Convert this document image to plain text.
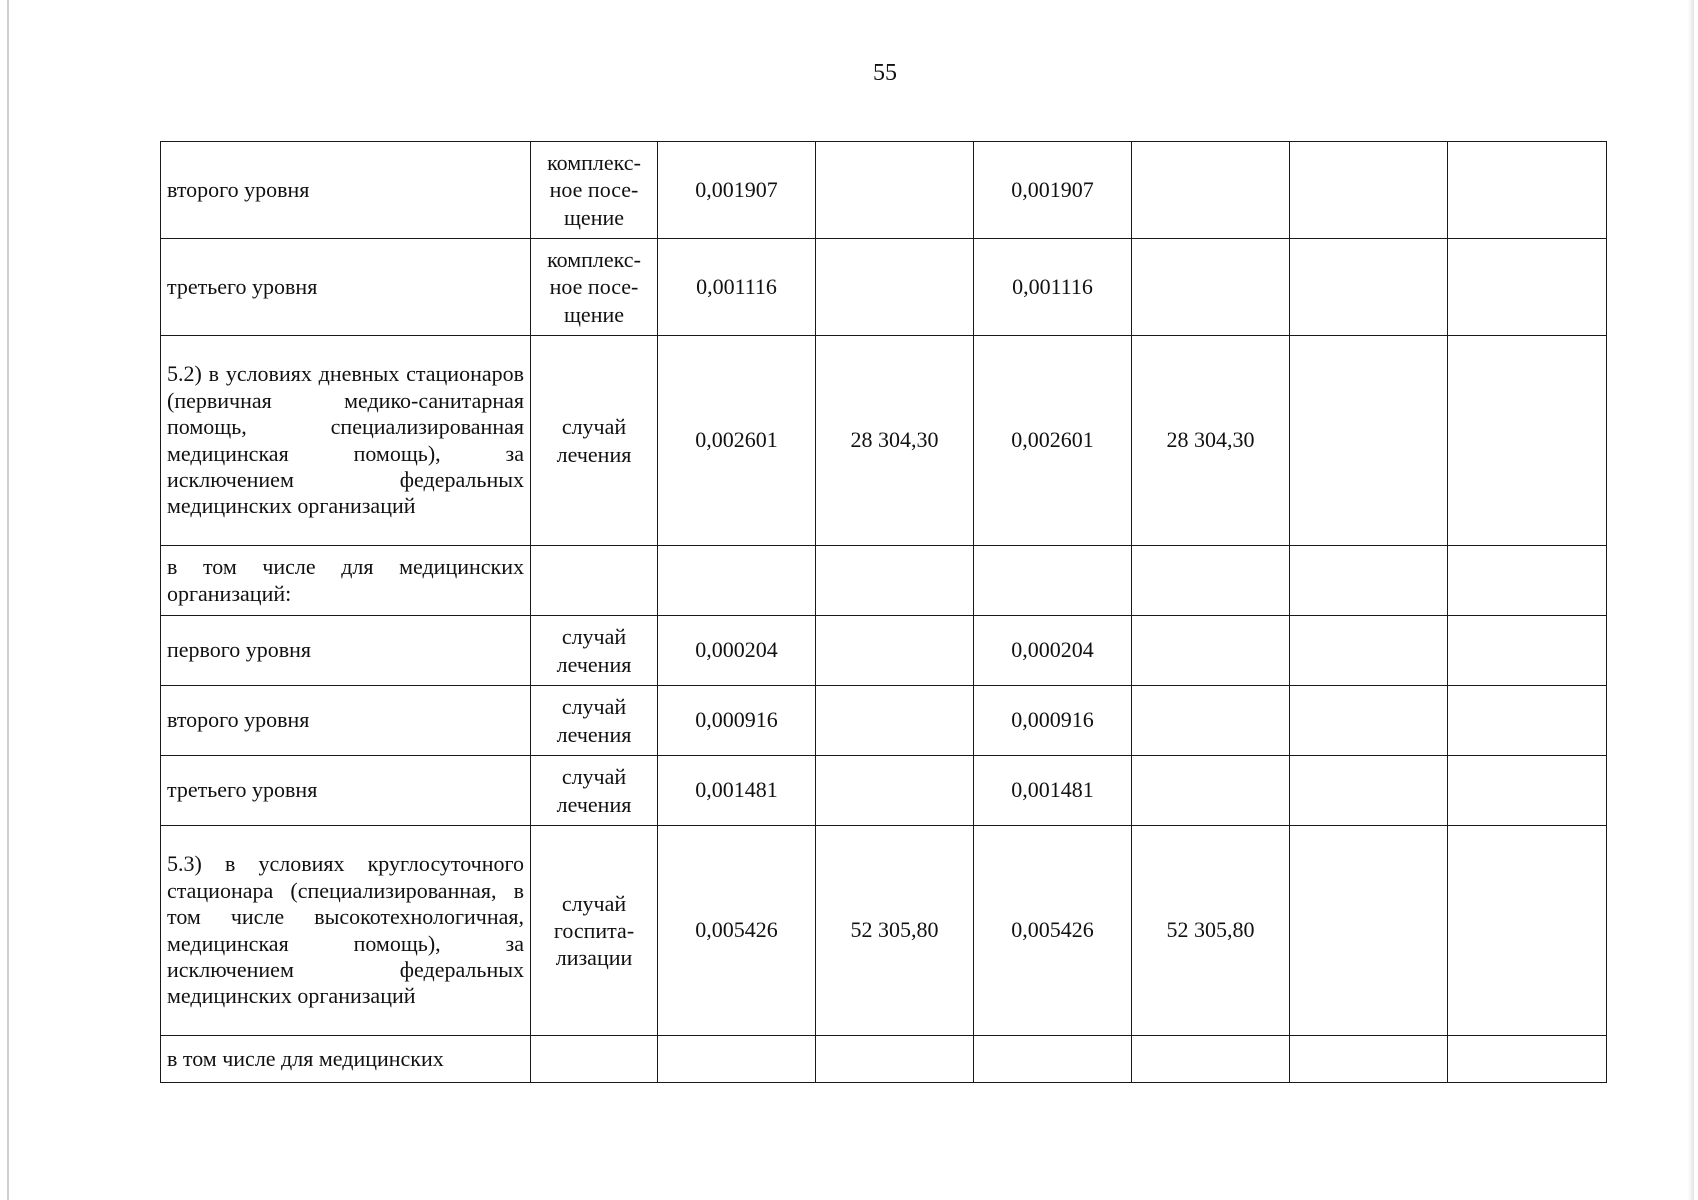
55
второго уровня	комплекс-
ное посе-
щение	0,001907		0,001907			
третьего уровня	комплекс-
ное посе-
щение	0,001116		0,001116			
5.2) в условиях дневных стационаров (первичная медико-санитарная помощь, специализированная медицинская помощь), за исключением федеральных медицинских организаций	случай
лечения	0,002601	28 304,30	0,002601	28 304,30		
в том числе для медицинских организаций:							
первого уровня	случай
лечения	0,000204		0,000204			
второго уровня	случай
лечения	0,000916		0,000916			
третьего уровня	случай
лечения	0,001481		0,001481			
5.3) в условиях круглосуточного стационара (специализированная, в том числе высокотехнологичная, медицинская помощь), за исключением федеральных медицинских организаций	случай
госпита-
лизации	0,005426	52 305,80	0,005426	52 305,80		
в том числе для медицинских							
